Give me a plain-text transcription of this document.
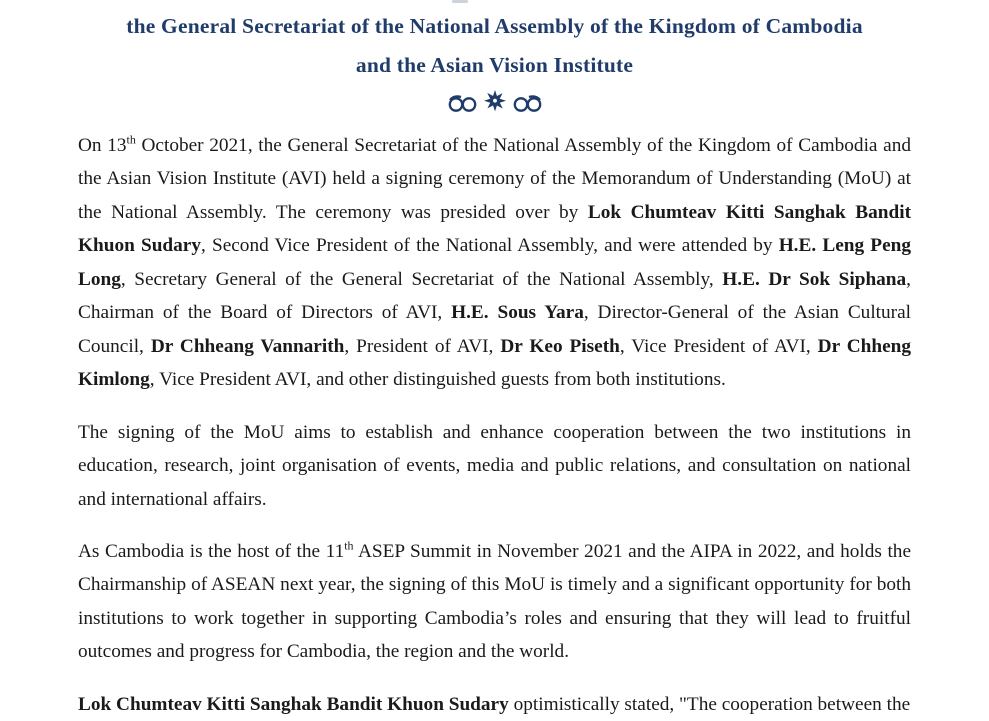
the General Secretariat of the National Assembly of the Kingdom of Cambodia
and the Asian Vision Institute

On 13th October 2021, the General Secretariat of the National Assembly of the Kingdom of Cambodia and the Asian Vision Institute (AVI) held a signing ceremony of the Memorandum of Understanding (MoU) at the National Assembly. The ceremony was presided over by Lok Chumteav Kitti Sanghak Bandit Khuon Sudary, Second Vice President of the National Assembly, and were attended by H.E. Leng Peng Long, Secretary General of the General Secretariat of the National Assembly, H.E. Dr Sok Siphana, Chairman of the Board of Directors of AVI, H.E. Sous Yara, Director-General of the Asian Cultural Council, Dr Chheang Vannarith, President of AVI, Dr Keo Piseth, Vice President of AVI, Dr Chheng Kimlong, Vice President AVI, and other distinguished guests from both institutions.

The signing of the MoU aims to establish and enhance cooperation between the two institutions in education, research, joint organisation of events, media and public relations, and consultation on national and international affairs.

As Cambodia is the host of the 11th ASEP Summit in November 2021 and the AIPA in 2022, and holds the Chairmanship of ASEAN next year, the signing of this MoU is timely and a significant opportunity for both institutions to work together in supporting Cambodia’s roles and ensuring that they will lead to fruitful outcomes and progress for Cambodia, the region and the world.

Lok Chumteav Kitti Sanghak Bandit Khuon Sudary optimistically stated, "The cooperation between the
